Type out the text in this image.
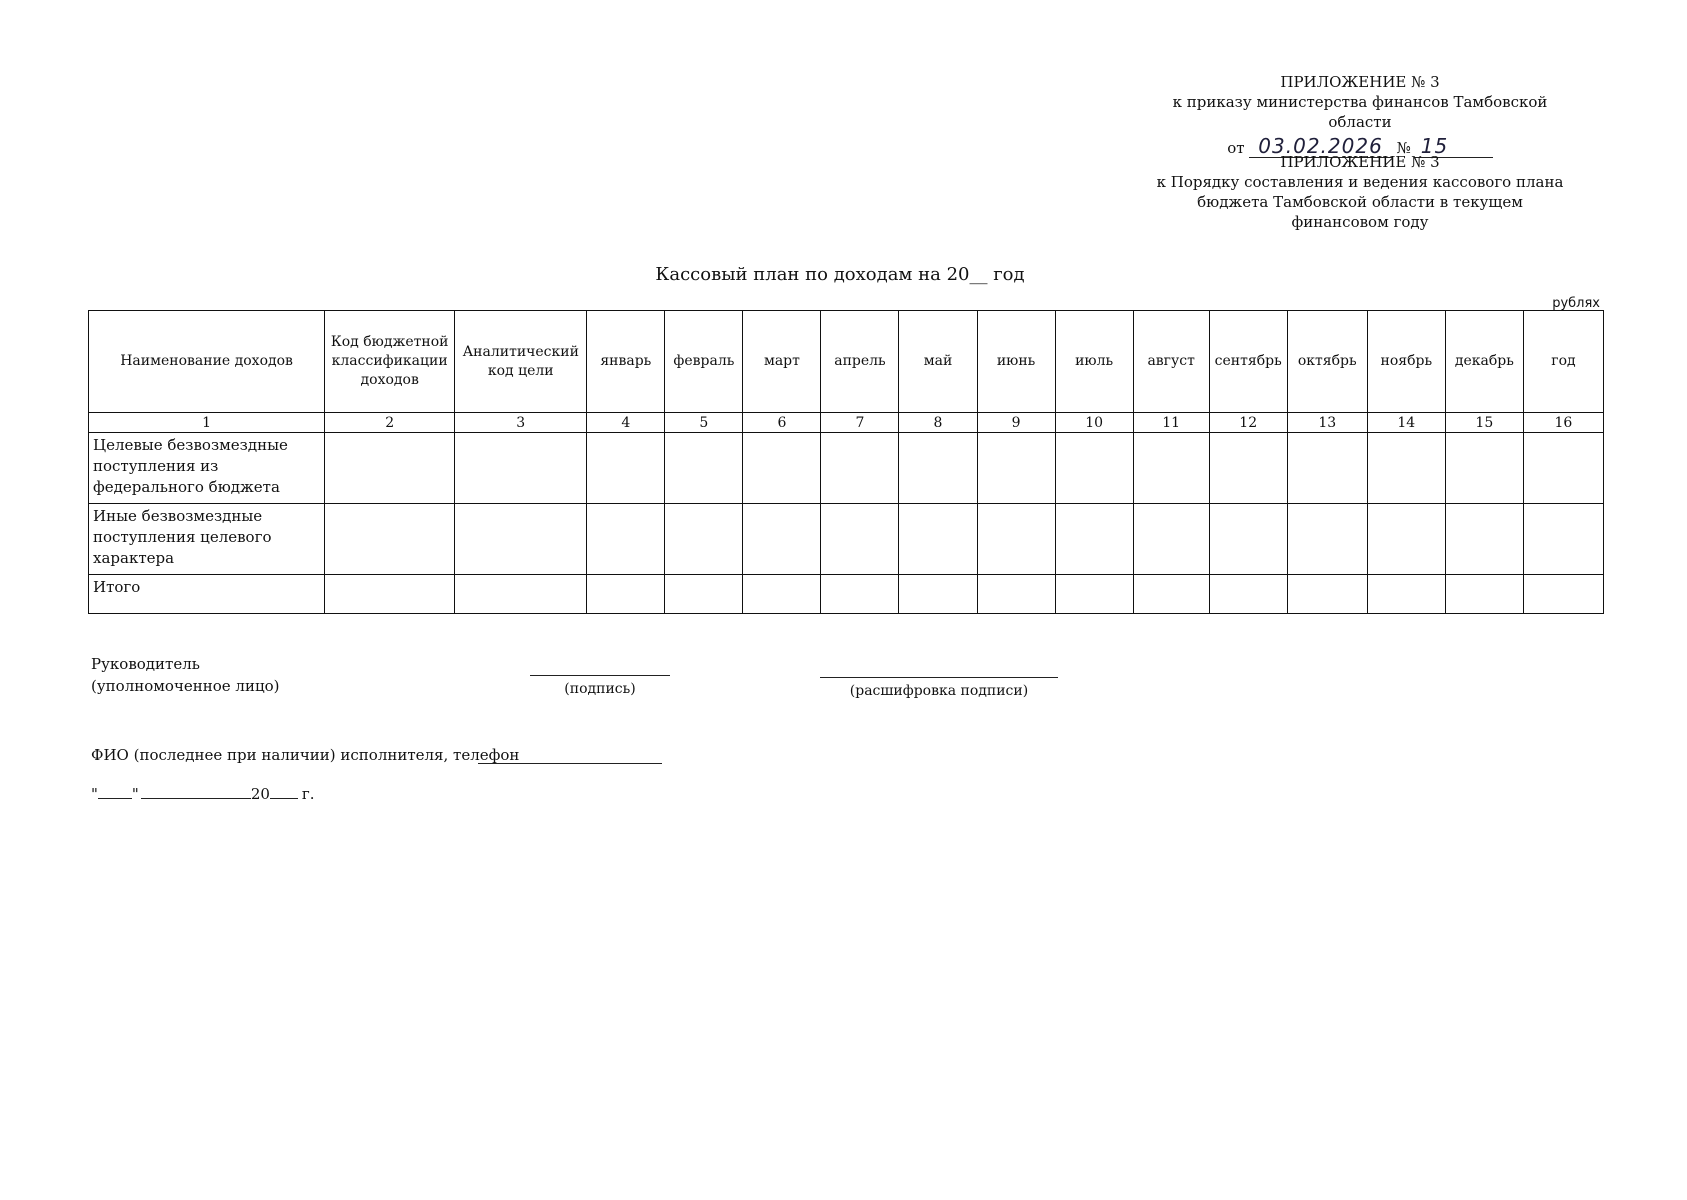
ПРИЛОЖЕНИЕ № 3
к приказу министерства финансов Тамбовской области
от 03.02.2026 № 15
ПРИЛОЖЕНИЕ № 3
к Порядку составления и ведения кассового плана
бюджета Тамбовской области в текущем финансовом году
Кассовый план по доходам на 20__ год
рублях
Наименование доходов	Код бюджетной классификации доходов	Аналитический код цели	январь	февраль	март	апрель	май	июнь	июль	август	сентябрь	октябрь	ноябрь	декабрь	год
1	2	3	4	5	6	7	8	9	10	11	12	13	14	15	16
Целевые безвозмездные поступления из федерального бюджета															
Иные безвозмездные поступления целевого характера															
Итого															
Руководитель
(уполномоченное лицо)	(подпись)	(расшифровка подписи)
ФИО (последнее при наличии) исполнителя, телефон
" "	20 г.
